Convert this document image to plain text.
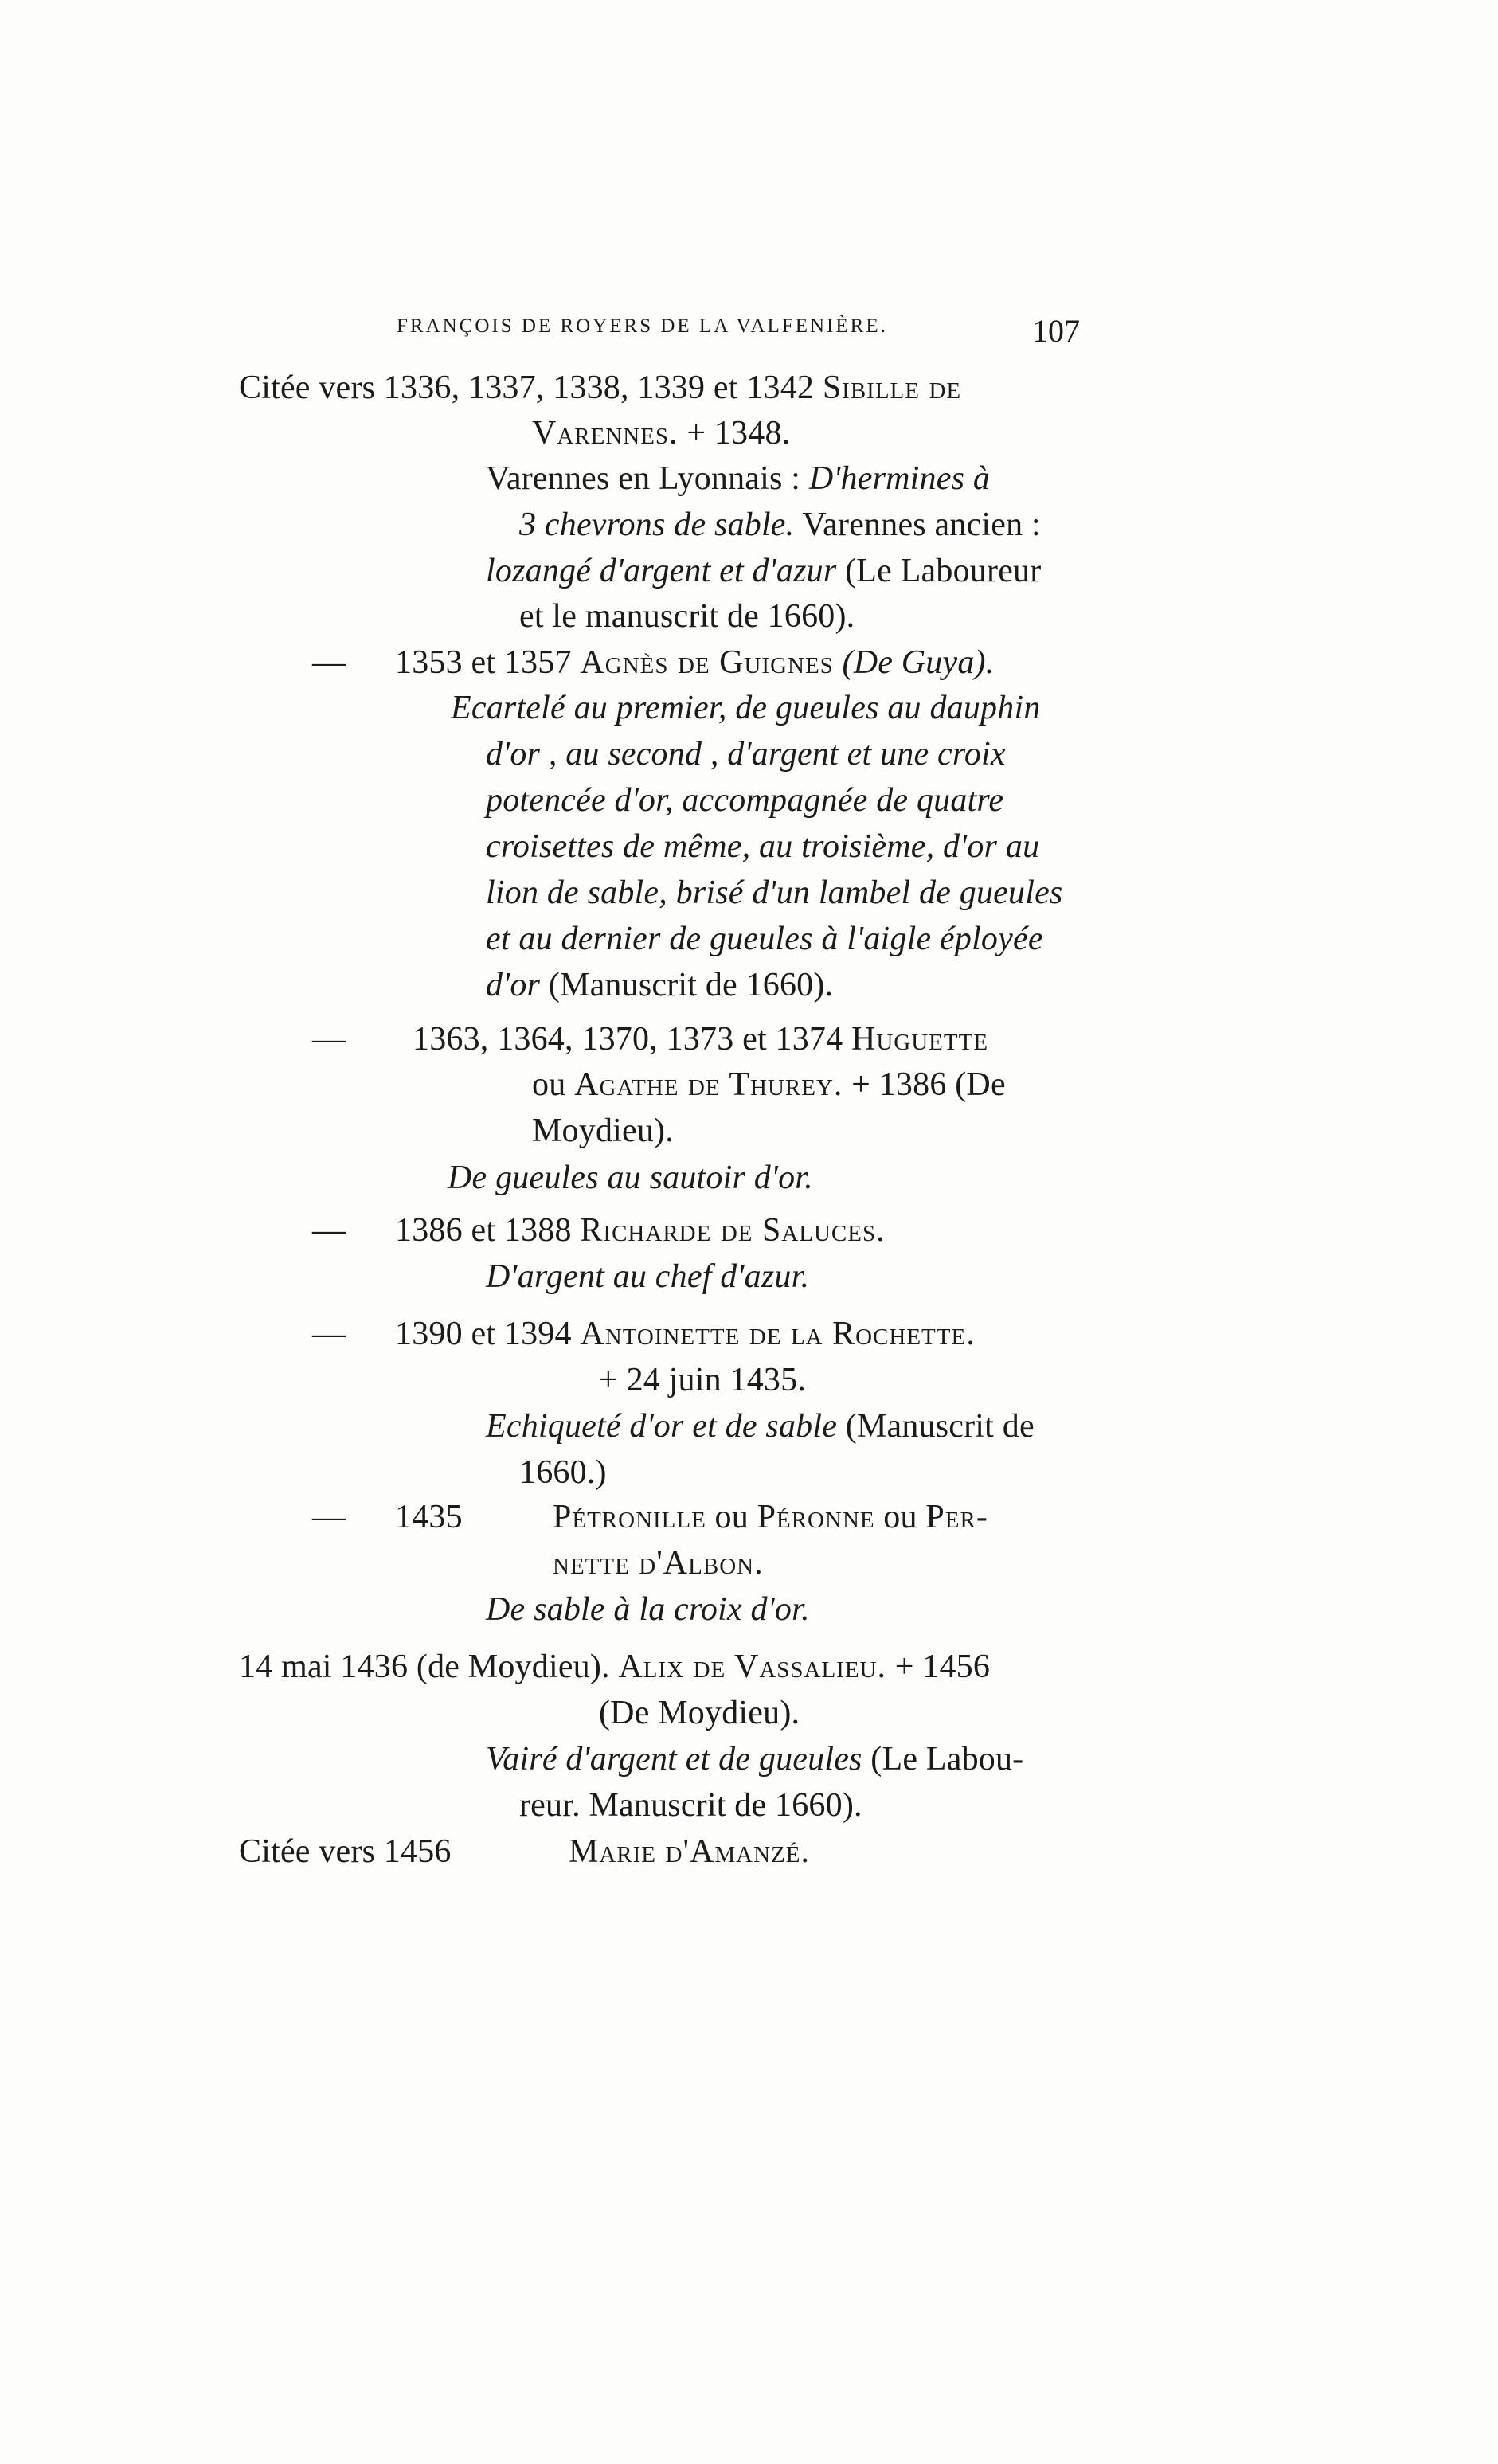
FRANÇOIS DE ROYERS DE LA VALFENIÈRE.	107
Citée vers 1336, 1337, 1338, 1339 et 1342 Sibille de
Varennes. + 1348.
Varennes en Lyonnais : D'hermines à
3 chevrons de sable. Varennes ancien :
lozangé d'argent et d'azur (Le Laboureur
et le manuscrit de 1660).
— 1353 et 1357 Agnès de Guignes (De Guya).
Ecartelé au premier, de gueules au dauphin
d'or , au second , d'argent et une croix
potencée d'or, accompagnée de quatre
croisettes de même, au troisième, d'or au
lion de sable, brisé d'un lambel de gueules
et au dernier de gueules à l'aigle éployée
d'or (Manuscrit de 1660).
— 1363, 1364, 1370, 1373 et 1374 Huguette
ou Agathe de Thurey. + 1386 (De
Moydieu).
De gueules au sautoir d'or.
— 1386 et 1388 Richarde de Saluces.
D'argent au chef d'azur.
— 1390 et 1394 Antoinette de la Rochette.
+ 24 juin 1435.
Echiqueté d'or et de sable (Manuscrit de
1660.)
— 1435	Pétronille ou Péronne ou Per-
nette d'Albon.
De sable à la croix d'or.
14 mai 1436 (de Moydieu). Alix de Vassalieu. + 1456
(De Moydieu).
Vairé d'argent et de gueules (Le Labou-
reur. Manuscrit de 1660).
Citée vers 1456	Marie d'Amanzé.
